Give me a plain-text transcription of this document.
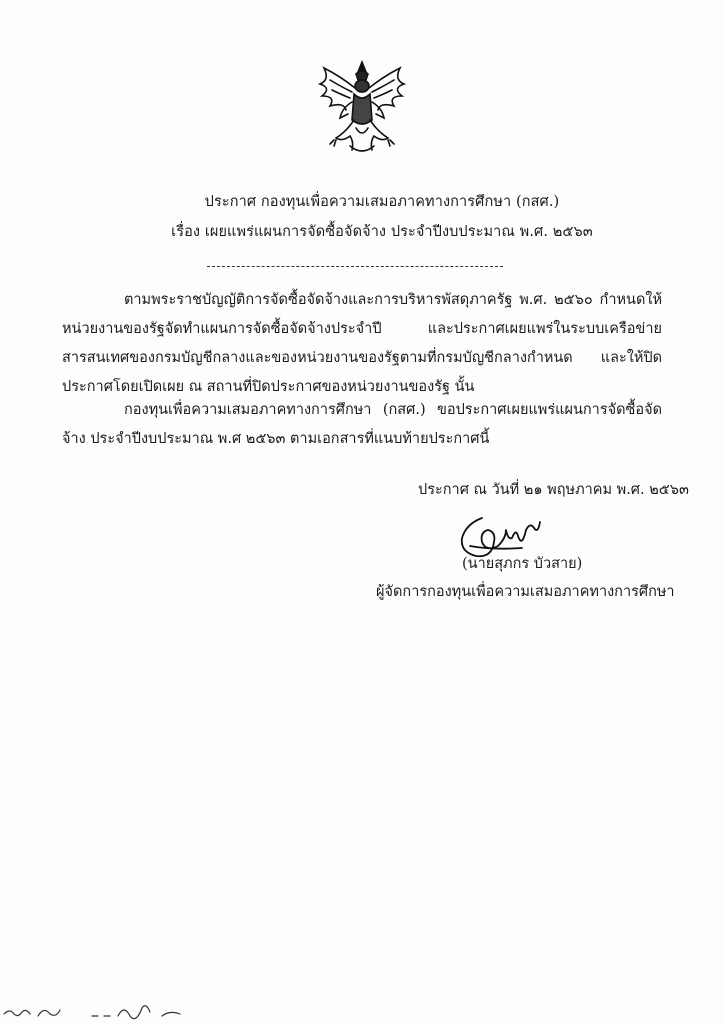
ประกาศ กองทุนเพื่อความเสมอภาคทางการศึกษา (กสศ.)
เรื่อง เผยแพร่แผนการจัดซื้อจัดจ้าง ประจำปีงบประมาณ พ.ศ. ๒๕๖๓

ตามพระราชบัญญัติการจัดซื้อจัดจ้างและการบริหารพัสดุภาครัฐ พ.ศ. ๒๕๖๐ กำหนดให้หน่วยงานของรัฐจัดทำแผนการจัดซื้อจัดจ้างประจำปี และประกาศเผยแพร่ในระบบเครือข่ายสารสนเทศของกรมบัญชีกลางและของหน่วยงานของรัฐตามที่กรมบัญชีกลางกำหนด และให้ปิดประกาศโดยเปิดเผย ณ สถานที่ปิดประกาศของหน่วยงานของรัฐ นั้น

กองทุนเพื่อความเสมอภาคทางการศึกษา (กสศ.) ขอประกาศเผยแพร่แผนการจัดซื้อจัดจ้าง ประจำปีงบประมาณ พ.ศ ๒๕๖๓ ตามเอกสารที่แนบท้ายประกาศนี้

ประกาศ ณ วันที่ ๒๑ พฤษภาคม พ.ศ. ๒๕๖๓
(นายสุภกร บัวสาย)
ผู้จัดการกองทุนเพื่อความเสมอภาคทางการศึกษา
